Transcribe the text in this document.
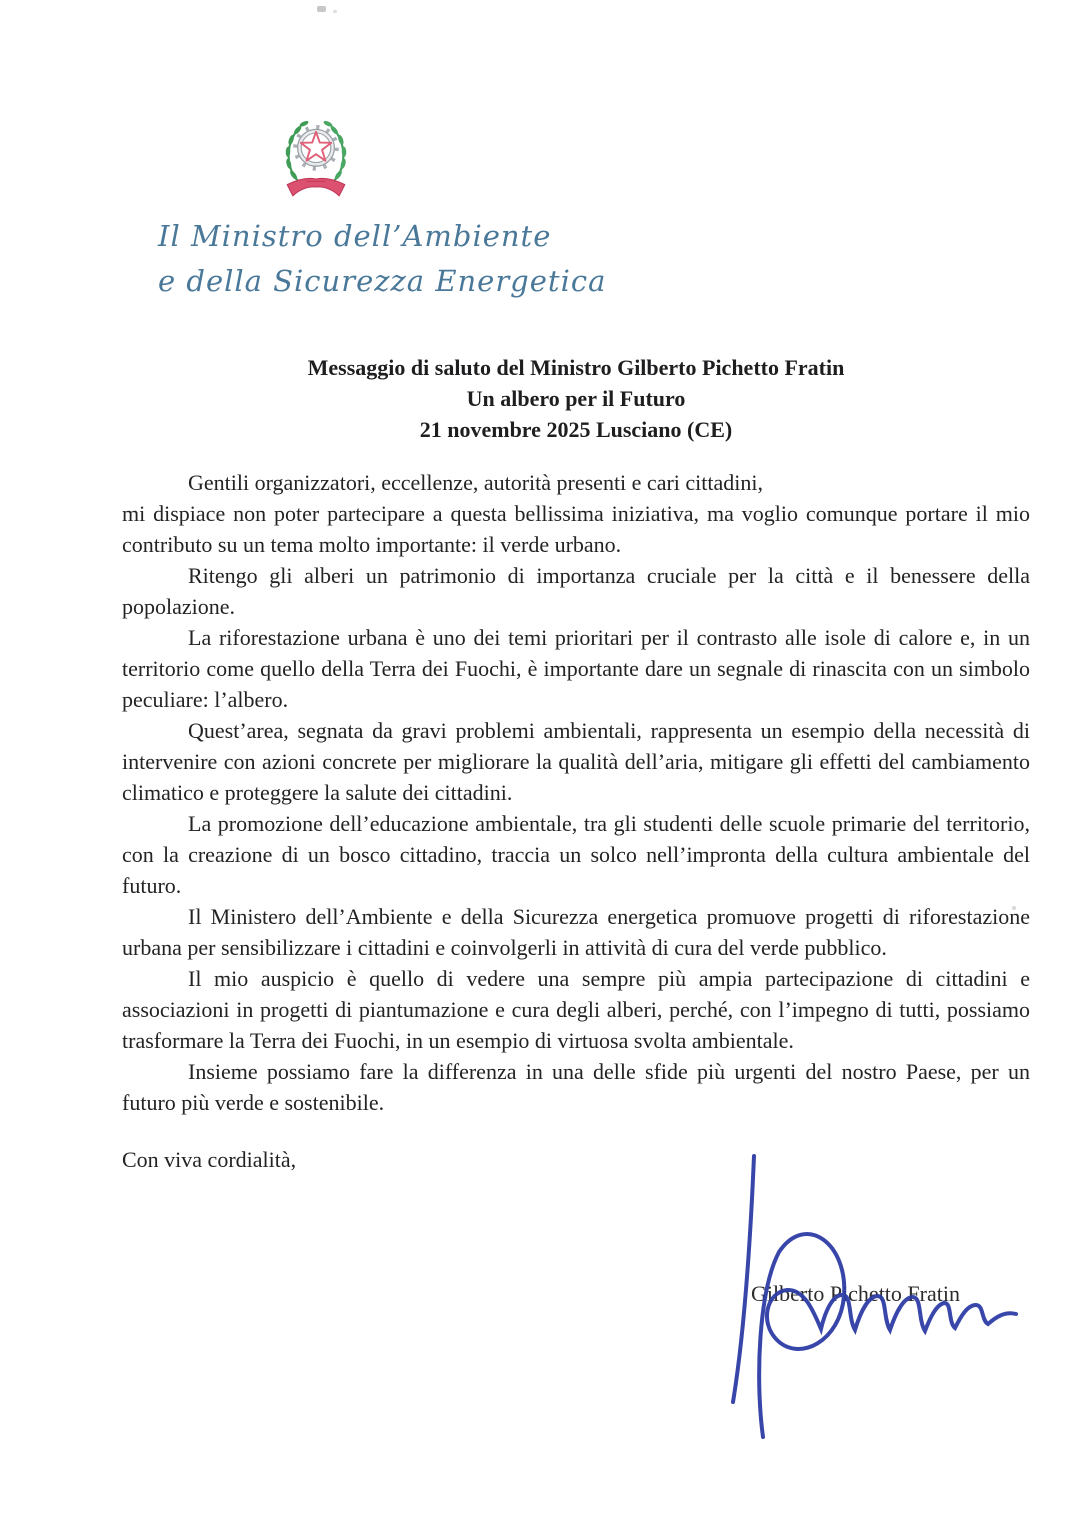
Il Ministro dell’Ambiente
e della Sicurezza Energetica
Messaggio di saluto del Ministro Gilberto Pichetto Fratin
Un albero per il Futuro
21 novembre 2025 Lusciano (CE)

Gentili organizzatori, eccellenze, autorità presenti e cari cittadini,

mi dispiace non poter partecipare a questa bellissima iniziativa, ma voglio comunque portare il mio contributo su un tema molto importante: il verde urbano.

Ritengo gli alberi un patrimonio di importanza cruciale per la città e il benessere della popolazione.

La riforestazione urbana è uno dei temi prioritari per il contrasto alle isole di calore e, in un territorio come quello della Terra dei Fuochi, è importante dare un segnale di rinascita con un simbolo peculiare: l’albero.

Quest’area, segnata da gravi problemi ambientali, rappresenta un esempio della necessità di intervenire con azioni concrete per migliorare la qualità dell’aria, mitigare gli effetti del cambiamento climatico e proteggere la salute dei cittadini.

La promozione dell’educazione ambientale, tra gli studenti delle scuole primarie del territorio, con la creazione di un bosco cittadino, traccia un solco nell’impronta della cultura ambientale del futuro.

Il Ministero dell’Ambiente e della Sicurezza energetica promuove progetti di riforestazione urbana per sensibilizzare i cittadini e coinvolgerli in attività di cura del verde pubblico.

Il mio auspicio è quello di vedere una sempre più ampia partecipazione di cittadini e associazioni in progetti di piantumazione e cura degli alberi, perché, con l’impegno di tutti, possiamo trasformare la Terra dei Fuochi, in un esempio di virtuosa svolta ambientale.

Insieme possiamo fare la differenza in una delle sfide più urgenti del nostro Paese, per un futuro più verde e sostenibile.

Con viva cordialità,
Gilberto Pichetto Fratin
